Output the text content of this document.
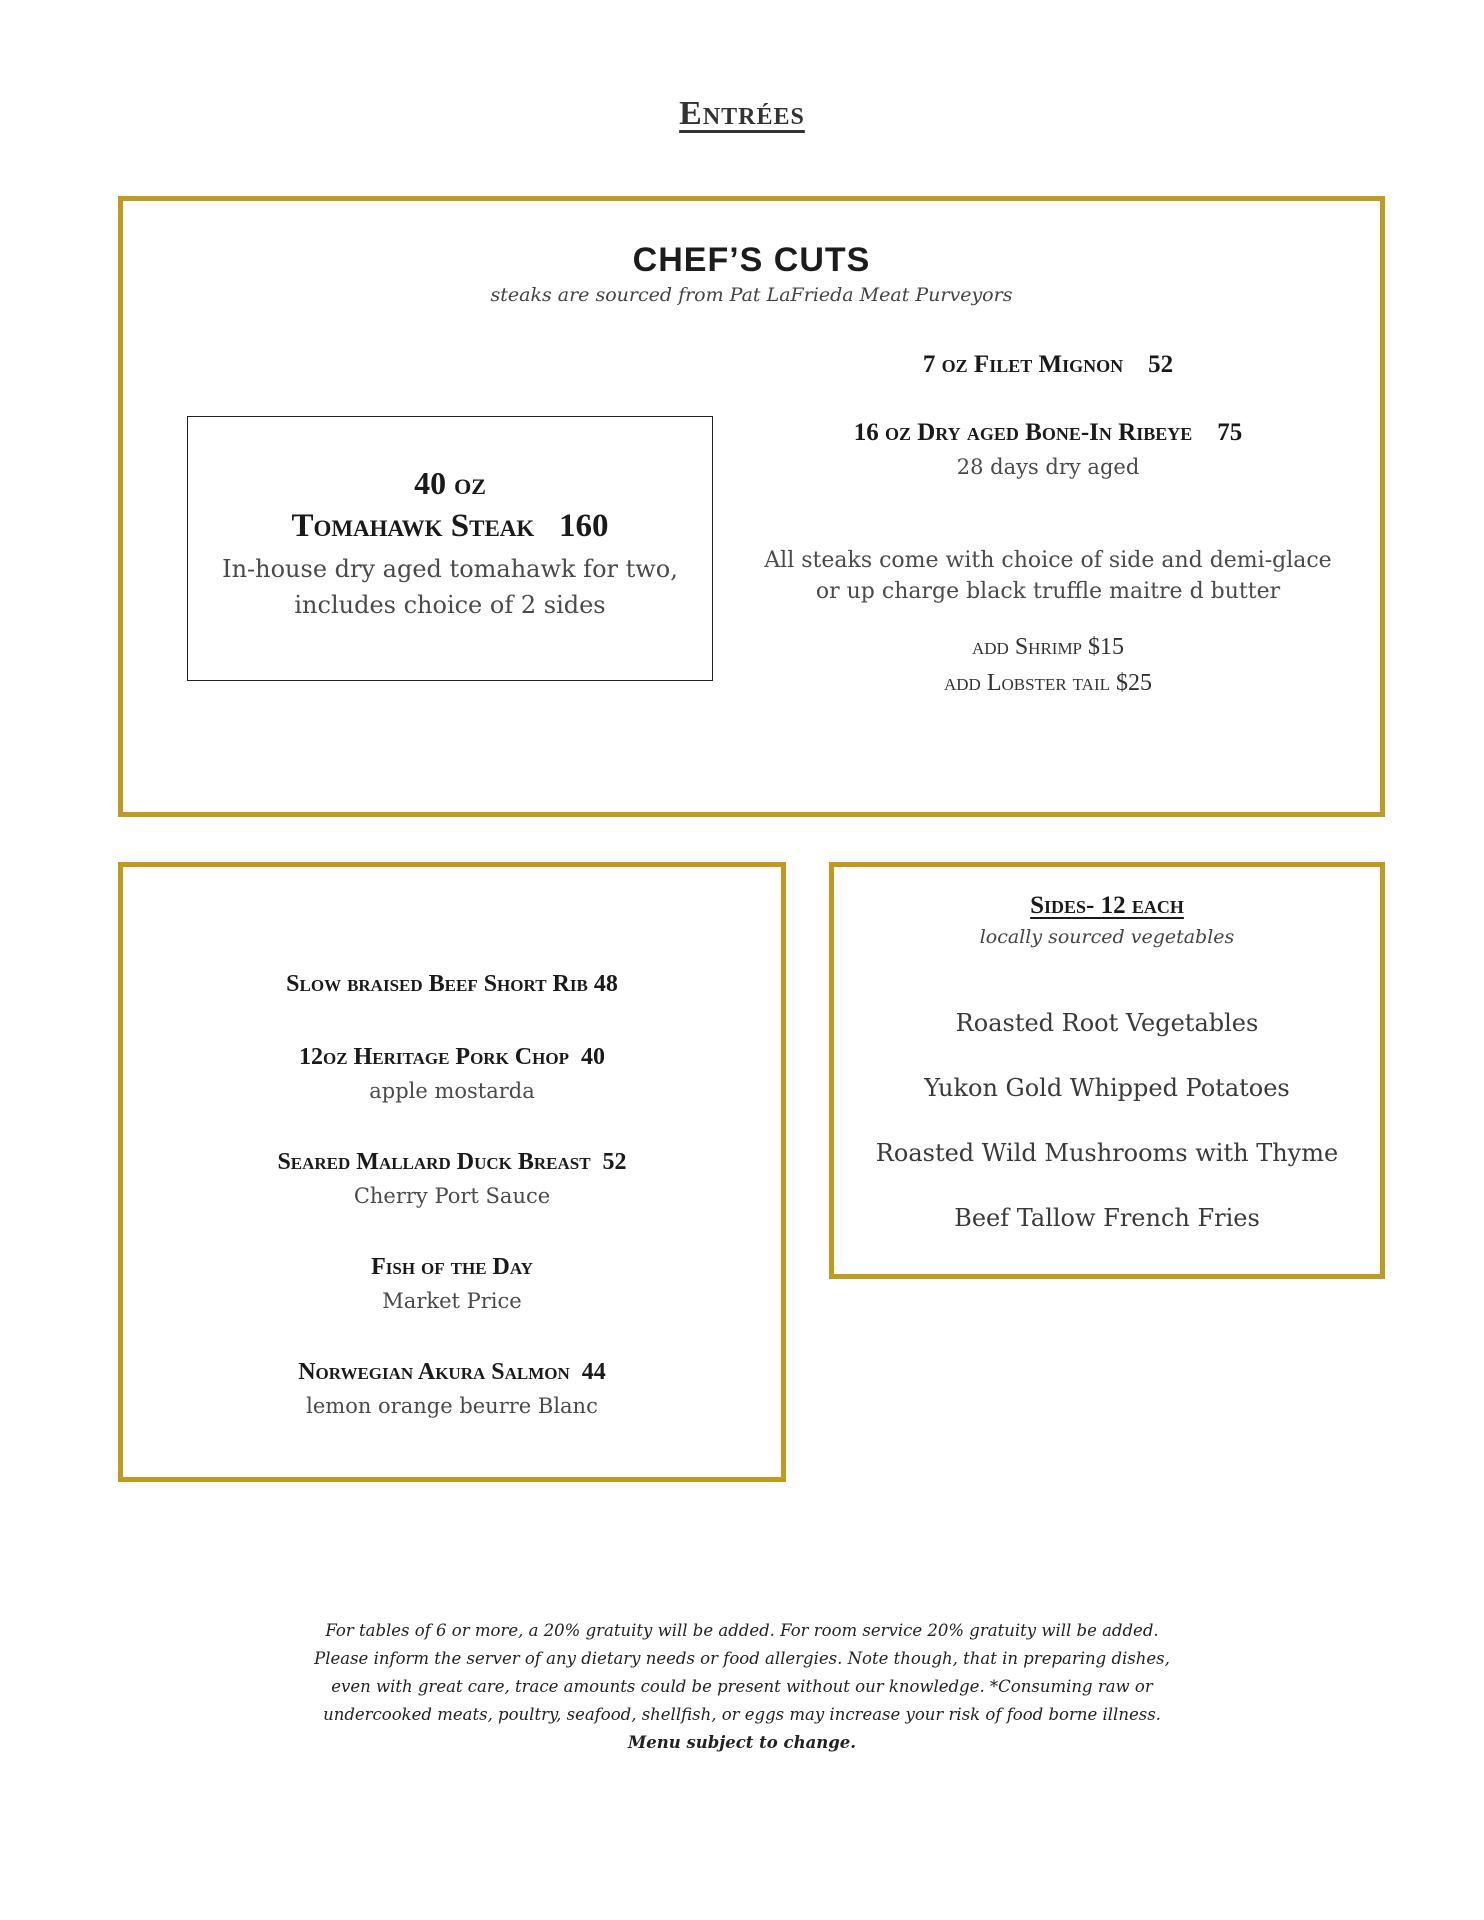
Entrées
CHEF’S CUTS
steaks are sourced from Pat LaFrieda Meat Purveyors
40 oz
Tomahawk Steak   160
In-house dry aged tomahawk for two,
includes choice of 2 sides
7 oz Filet Mignon    52
16 oz Dry aged Bone-In Ribeye    75
28 days dry aged
All steaks come with choice of side and demi-glace
or up charge black truffle maitre d butter
add Shrimp $15
add Lobster tail $25
Slow braised Beef Short Rib 48
12oz Heritage Pork Chop  40
apple mostarda
Seared Mallard Duck Breast  52
Cherry Port Sauce
Fish of the Day
Market Price
Norwegian Akura Salmon  44
lemon orange beurre Blanc
Sides- 12 each
locally sourced vegetables
Roasted Root Vegetables
Yukon Gold Whipped Potatoes
Roasted Wild Mushrooms with Thyme
Beef Tallow French Fries
For tables of 6 or more, a 20% gratuity will be added. For room service 20% gratuity will be added.
Please inform the server of any dietary needs or food allergies. Note though, that in preparing dishes,
even with great care, trace amounts could be present without our knowledge. *Consuming raw or
undercooked meats, poultry, seafood, shellfish, or eggs may increase your risk of food borne illness.
Menu subject to change.
